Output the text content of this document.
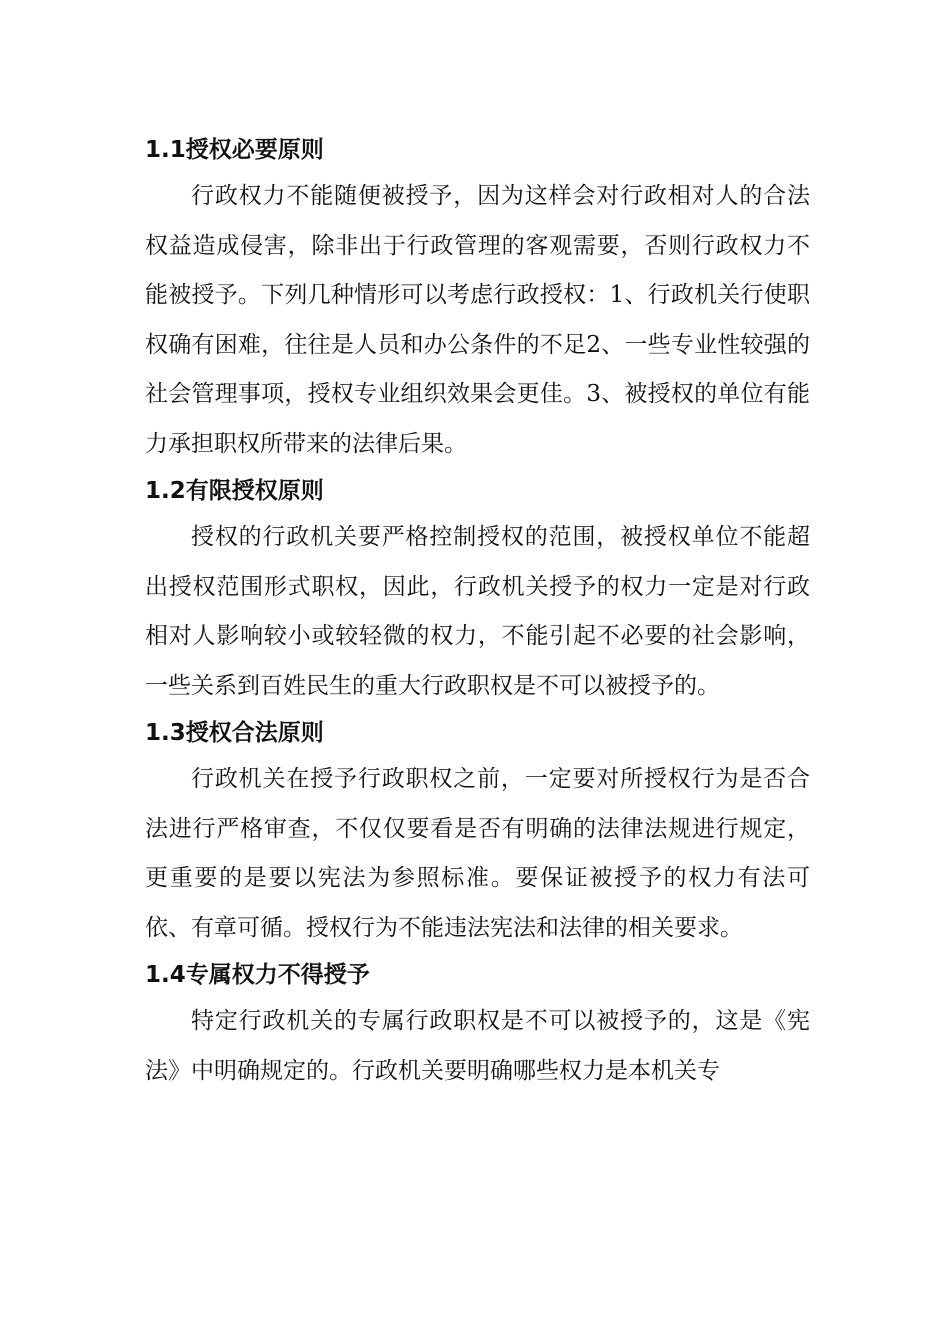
1.1授权必要原则

行政权力不能随便被授予，因为这样会对行政相对人的合法权益造成侵害，除非出于行政管理的客观需要，否则行政权力不能被授予。下列几种情形可以考虑行政授权：1、行政机关行使职权确有困难，往往是人员和办公条件的不足2、一些专业性较强的社会管理事项，授权专业组织效果会更佳。3、被授权的单位有能力承担职权所带来的法律后果。

1.2有限授权原则

授权的行政机关要严格控制授权的范围，被授权单位不能超出授权范围形式职权，因此，行政机关授予的权力一定是对行政相对人影响较小或较轻微的权力，不能引起不必要的社会影响，一些关系到百姓民生的重大行政职权是不可以被授予的。

1.3授权合法原则

行政机关在授予行政职权之前，一定要对所授权行为是否合法进行严格审查，不仅仅要看是否有明确的法律法规进行规定，更重要的是要以宪法为参照标准。要保证被授予的权力有法可依、有章可循。授权行为不能违法宪法和法律的相关要求。

1.4专属权力不得授予

特定行政机关的专属行政职权是不可以被授予的，这是《宪法》中明确规定的。行政机关要明确哪些权力是本机关专
